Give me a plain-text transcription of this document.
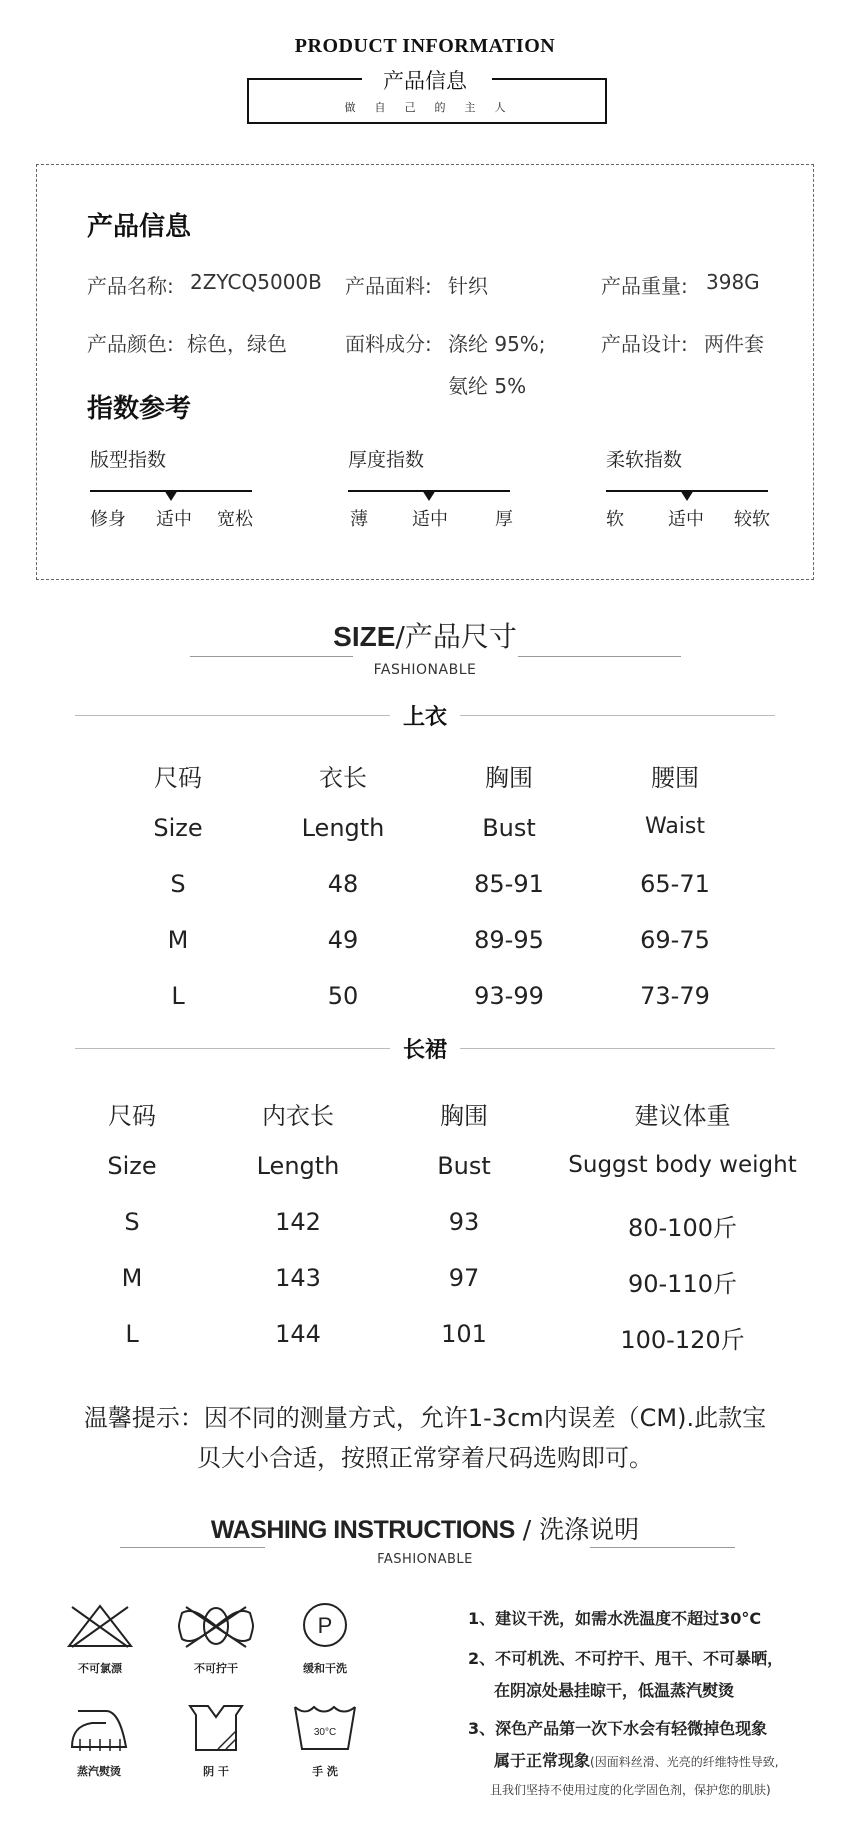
PRODUCT INFORMATION
产品信息
做自己的主人
产品信息
产品名称: 2ZYCQ5000B 产品面料: 针织	产品重量: 398G
产品颜色: 棕色，绿色	面料成分: 涤纶 95%;
氨纶 5%
产品设计: 两件套
指数参考
版型指数
修身 适中 宽松
厚度指数
薄 适中	厚
柔软指数
软 适中 较软
SIZE/产品尺寸
FASHIONABLE
上衣
尺码	衣长	胸围	腰围
Size	Length	Bust	Waist
S	48	85-91	65-71
M	49	89-95	69-75
L	50	93-99	73-79
长裙
尺码	内衣长	胸围	建议体重
Size	Length	Bust	Suggst body weight
S	142	93	80-100斤
M	143	97	90-110斤
L	144	101	100-120斤
温馨提示：因不同的测量方式，允许1-3cm内误差（CM).此款宝
贝大小合适，按照正常穿着尺码选购即可。
WASHING INSTRUCTIONS / 洗涤说明
FASHIONABLE
不可氯漂	不可拧干
P
缓和干洗
蒸汽熨烫	阴 干
30°C
手 洗
1、建议干洗，如需水洗温度不超过30°C
2、不可机洗、不可拧干、甩干、不可暴晒，
在阴凉处悬挂晾干，低温蒸汽熨烫
3、深色产品第一次下水会有轻微掉色现象
属于正常现象(因面料丝滑、光亮的纤维特性导致,
且我们坚持不使用过度的化学固色剂，保护您的肌肤)
